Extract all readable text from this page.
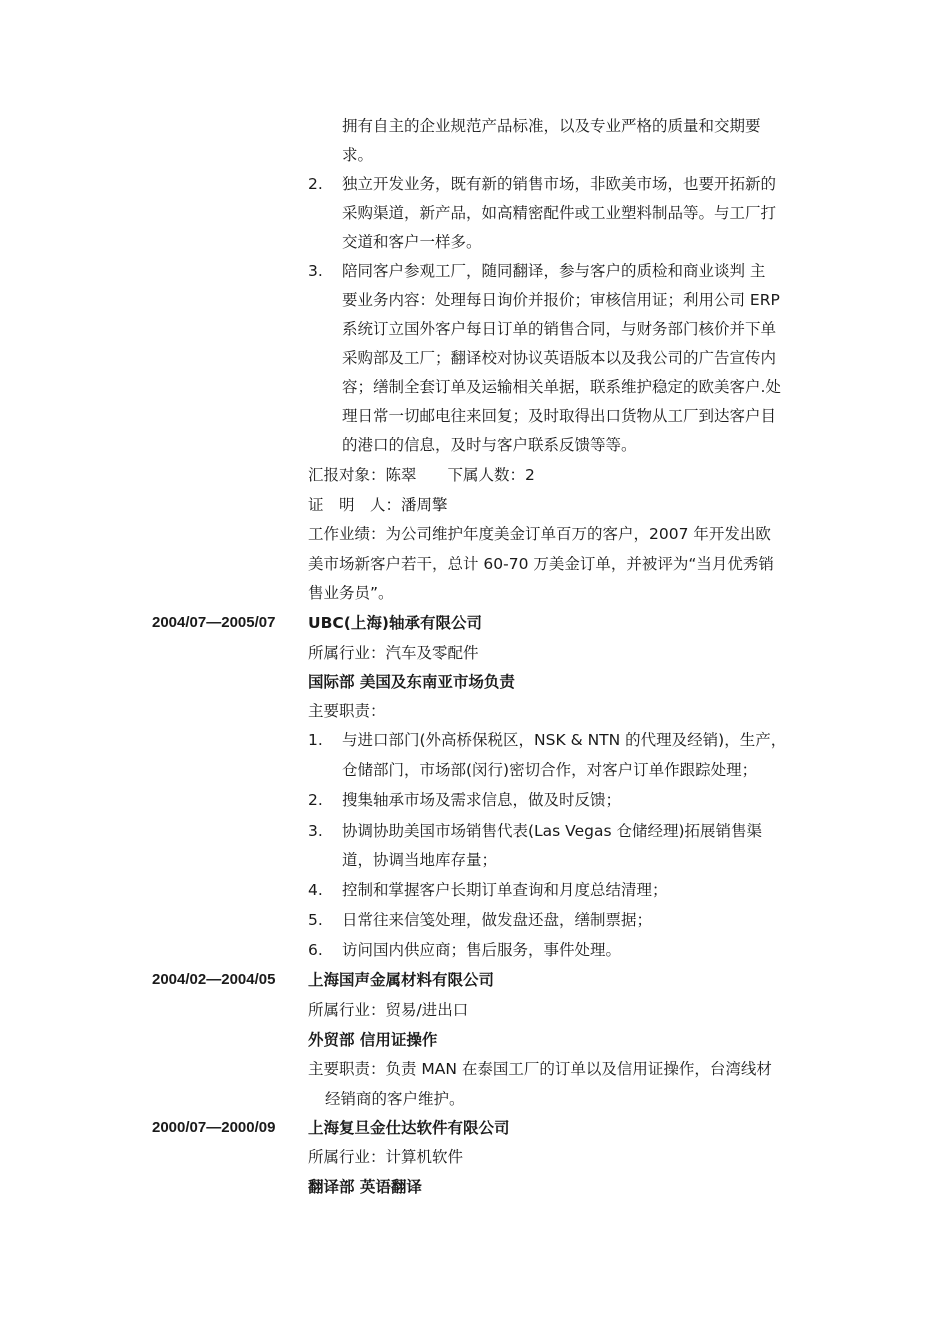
拥有自主的企业规范产品标准，以及专业严格的质量和交期要
求。
2. 独立开发业务，既有新的销售市场，非欧美市场，也要开拓新的
采购渠道，新产品，如高精密配件或工业塑料制品等。与工厂打
交道和客户一样多。
3. 陪同客户参观工厂，随同翻译，参与客户的质检和商业谈判 主
要业务内容：处理每日询价并报价；审核信用证；利用公司 ERP
系统订立国外客户每日订单的销售合同，与财务部门核价并下单
采购部及工厂；翻译校对协议英语版本以及我公司的广告宣传内
容；缮制全套订单及运输相关单据，联系维护稳定的欧美客户.处
理日常一切邮电往来回复；及时取得出口货物从工厂到达客户目
的港口的信息，及时与客户联系反馈等等。
汇报对象：陈翠　　下属人数：2
证　明　人：潘周擎
工作业绩：为公司维护年度美金订单百万的客户，2007 年开发出欧
美市场新客户若干，总计 60-70 万美金订单，并被评为“当月优秀销
售业务员”。
2004/07—2005/07 UBC(上海)轴承有限公司
所属行业：汽车及零配件
国际部 美国及东南亚市场负责
主要职责：
1. 与进口部门(外高桥保税区，NSK & NTN 的代理及经销)，生产，
仓储部门，市场部(闵行)密切合作，对客户订单作跟踪处理；
2. 搜集轴承市场及需求信息，做及时反馈；
3. 协调协助美国市场销售代表(Las Vegas 仓储经理)拓展销售渠
道，协调当地库存量；
4. 控制和掌握客户长期订单查询和月度总结清理；
5. 日常往来信笺处理，做发盘还盘，缮制票据；
6. 访问国内供应商；售后服务，事件处理。
2004/02—2004/05 上海国声金属材料有限公司
所属行业：贸易/进出口
外贸部 信用证操作
主要职责：负责 MAN 在泰国工厂的订单以及信用证操作，台湾线材
经销商的客户维护。
2000/07—2000/09 上海复旦金仕达软件有限公司
所属行业：计算机软件
翻译部 英语翻译
